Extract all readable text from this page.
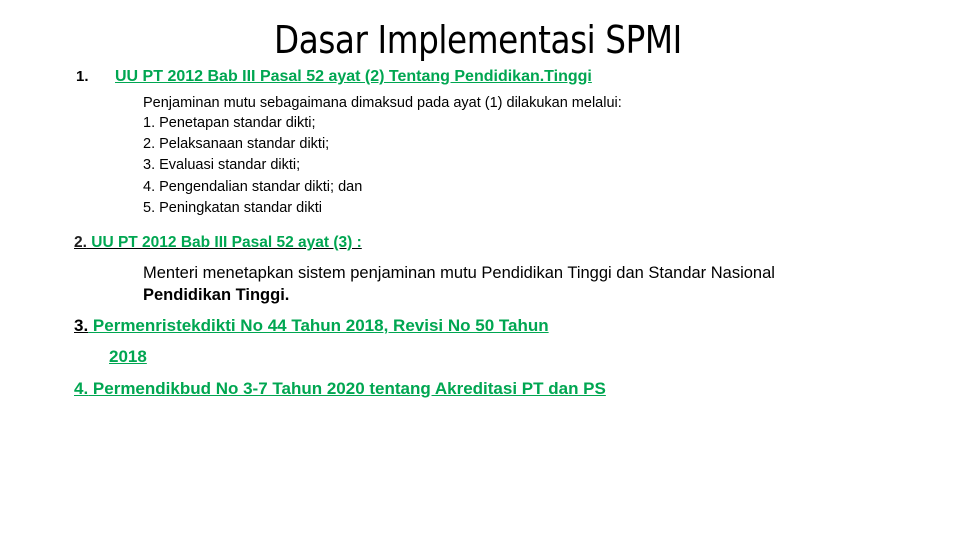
Dasar Implementasi SPMI
1. UU PT 2012 Bab III Pasal 52 ayat (2) Tentang Pendidikan.Tinggi
Penjaminan mutu sebagaimana dimaksud pada ayat (1) dilakukan melalui:
1. Penetapan standar dikti;
2. Pelaksanaan standar dikti;
3. Evaluasi standar dikti;
4. Pengendalian standar dikti; dan
5. Peningkatan standar dikti
2. UU PT 2012 Bab III Pasal 52 ayat (3) :
Menteri menetapkan sistem penjaminan mutu Pendidikan Tinggi dan Standar Nasional
Pendidikan Tinggi.
3. Permenristekdikti No 44 Tahun 2018, Revisi No 50 Tahun
2018
4. Permendikbud No 3-7 Tahun 2020 tentang Akreditasi PT dan PS
